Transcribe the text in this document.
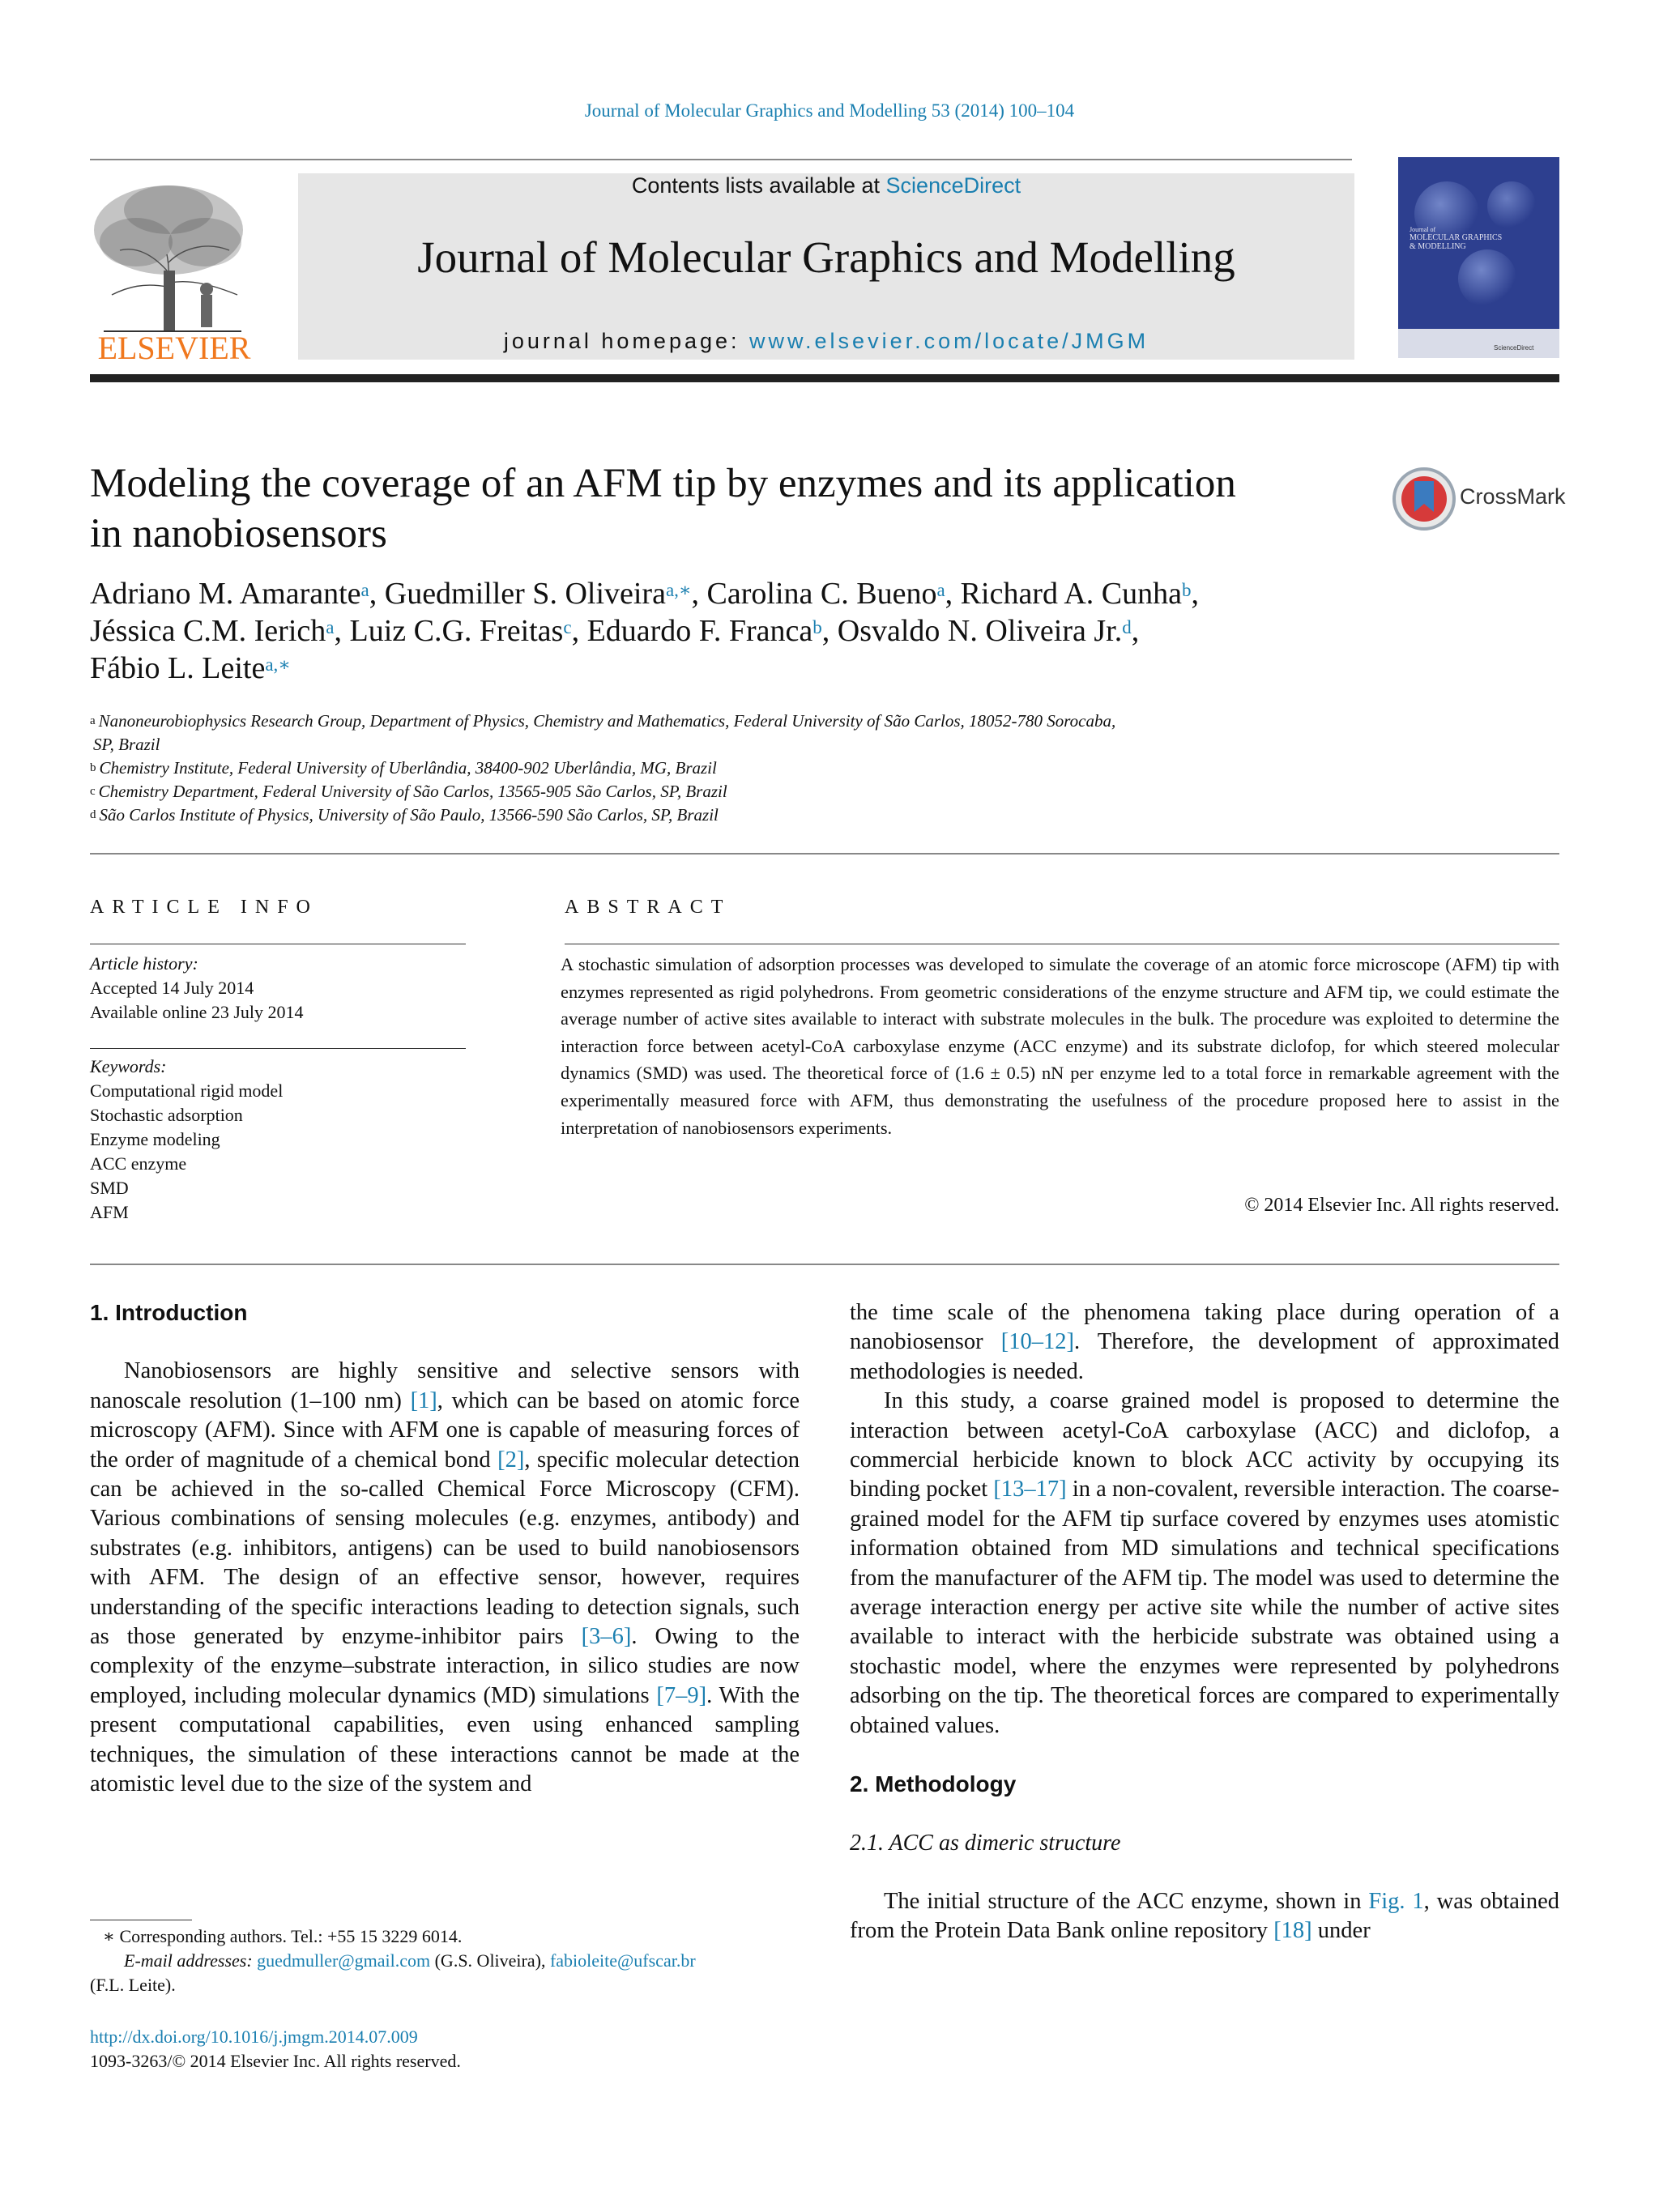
Journal of Molecular Graphics and Modelling 53 (2014) 100–104
ELSEVIER
Contents lists available at ScienceDirect
Journal of Molecular Graphics and Modelling
journal homepage: www.elsevier.com/locate/JMGM
Journal of
MOLECULAR GRAPHICS
& MODELLING
ScienceDirect
Modeling the coverage of an AFM tip by enzymes and its application
in nanobiosensors
CrossMark
Adriano M. Amarante$^a$, Guedmiller S. Oliveira$^{a,∗}$, Carolina C. Bueno$^a$, Richard A. Cunha$^b$,
Jéssica C.M. Ierich$^a$, Luiz C.G. Freitas$^c$, Eduardo F. Franca$^b$, Osvaldo N. Oliveira Jr.$^d$,
Fábio L. Leite$^{a,∗}$
$^a$ Nanoneurobiophysics Research Group, Department of Physics, Chemistry and Mathematics, Federal University of São Carlos, 18052-780 Sorocaba,
SP, Brazil
$^b$ Chemistry Institute, Federal University of Uberlândia, 38400-902 Uberlândia, MG, Brazil
$^c$ Chemistry Department, Federal University of São Carlos, 13565-905 São Carlos, SP, Brazil
$^d$ São Carlos Institute of Physics, University of São Paulo, 13566-590 São Carlos, SP, Brazil
ARTICLE INFO	ABSTRACT
Article history:
Accepted 14 July 2014
Available online 23 July 2014
Keywords:
Computational rigid model
Stochastic adsorption
Enzyme modeling
ACC enzyme
SMD
AFM
A stochastic simulation of adsorption processes was developed to simulate the coverage of an atomic force microscope (AFM) tip with enzymes represented as rigid polyhedrons. From geometric considerations of the enzyme structure and AFM tip, we could estimate the average number of active sites available to interact with substrate molecules in the bulk. The procedure was exploited to determine the interaction force between acetyl-CoA carboxylase enzyme (ACC enzyme) and its substrate diclofop, for which steered molecular dynamics (SMD) was used. The theoretical force of (1.6 ± 0.5) nN per enzyme led to a total force in remarkable agreement with the experimentally measured force with AFM, thus demonstrating the usefulness of the procedure proposed here to assist in the interpretation of nanobiosensors experiments.
© 2014 Elsevier Inc. All rights reserved.
1. Introduction

Nanobiosensors are highly sensitive and selective sensors with nanoscale resolution (1–100 nm) [1], which can be based on atomic force microscopy (AFM). Since with AFM one is capable of measuring forces of the order of magnitude of a chemical bond [2], specific molecular detection can be achieved in the so-called Chemical Force Microscopy (CFM). Various combinations of sensing molecules (e.g. enzymes, antibody) and substrates (e.g. inhibitors, antigens) can be used to build nanobiosensors with AFM. The design of an effective sensor, however, requires understanding of the specific interactions leading to detection signals, such as those generated by enzyme-inhibitor pairs [3–6]. Owing to the complexity of the enzyme–substrate interaction, in silico studies are now employed, including molecular dynamics (MD) simulations [7–9]. With the present computational capabilities, even using enhanced sampling techniques, the simulation of these interactions cannot be made at the atomistic level due to the size of the system and

the time scale of the phenomena taking place during operation of a nanobiosensor [10–12]. Therefore, the development of approximated methodologies is needed.

In this study, a coarse grained model is proposed to determine the interaction between acetyl-CoA carboxylase (ACC) and diclofop, a commercial herbicide known to block ACC activity by occupying its binding pocket [13–17] in a non-covalent, reversible interaction. The coarse-grained model for the AFM tip surface covered by enzymes uses atomistic information obtained from MD simulations and technical specifications from the manufacturer of the AFM tip. The model was used to determine the average interaction energy per active site while the number of active sites available to interact with the herbicide substrate was obtained using a stochastic model, where the enzymes were represented by polyhedrons adsorbing on the tip. The theoretical forces are compared to experimentally obtained values.

2. Methodology
2.1. ACC as dimeric structure

The initial structure of the ACC enzyme, shown in Fig. 1, was obtained from the Protein Data Bank online repository [18] under

∗ Corresponding authors. Tel.: +55 15 3229 6014.
E-mail addresses: guedmuller@gmail.com (G.S. Oliveira), fabioleite@ufscar.br
(F.L. Leite).
http://dx.doi.org/10.1016/j.jmgm.2014.07.009
1093-3263/© 2014 Elsevier Inc. All rights reserved.
